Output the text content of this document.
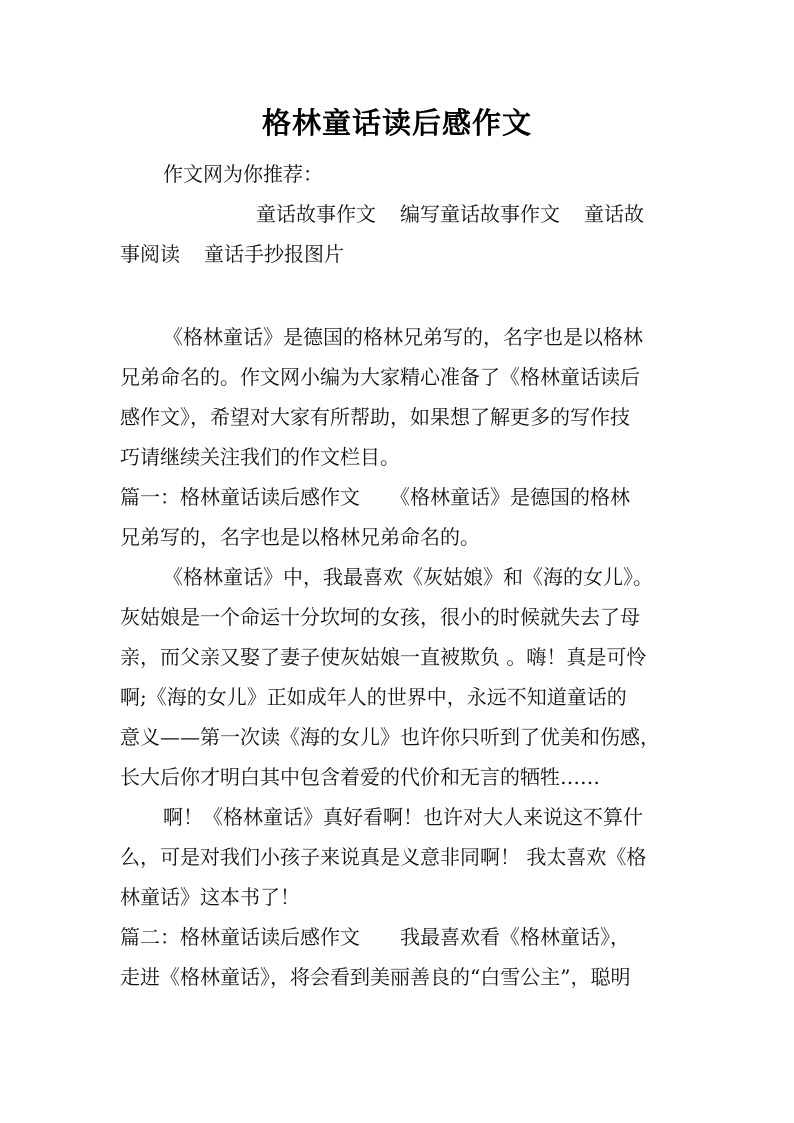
格林童话读后感作文
作文网为你推荐：
童话故事作文 编写童话故事作文 童话故
事阅读 童话手抄报图片
《格林童话》是德国的格林兄弟写的，名字也是以格林
兄弟命名的。作文网小编为大家精心准备了《格林童话读后
感作文》，希望对大家有所帮助，如果想了解更多的写作技
巧请继续关注我们的作文栏目。
篇一：格林童话读后感作文　　《格林童话》是德国的格林
兄弟写的，名字也是以格林兄弟命名的。
《格林童话》中，我最喜欢《灰姑娘》和《海的女儿》。
灰姑娘是一个命运十分坎坷的女孩，很小的时候就失去了母
亲，而父亲又娶了妻子使灰姑娘一直被欺负 。嗨！真是可怜
啊;《海的女儿》正如成年人的世界中，永远不知道童话的
意义——第一次读《海的女儿》也许你只听到了优美和伤感，
长大后你才明白其中包含着爱的代价和无言的牺牲……
啊！《格林童话》真好看啊！也许对大人来说这不算什
么，可是对我们小孩子来说真是义意非同啊！ 我太喜欢《格
林童话》这本书了！
篇二：格林童话读后感作文　　我最喜欢看《格林童话》，
走进《格林童话》，将会看到美丽善良的“白雪公主”，聪明
